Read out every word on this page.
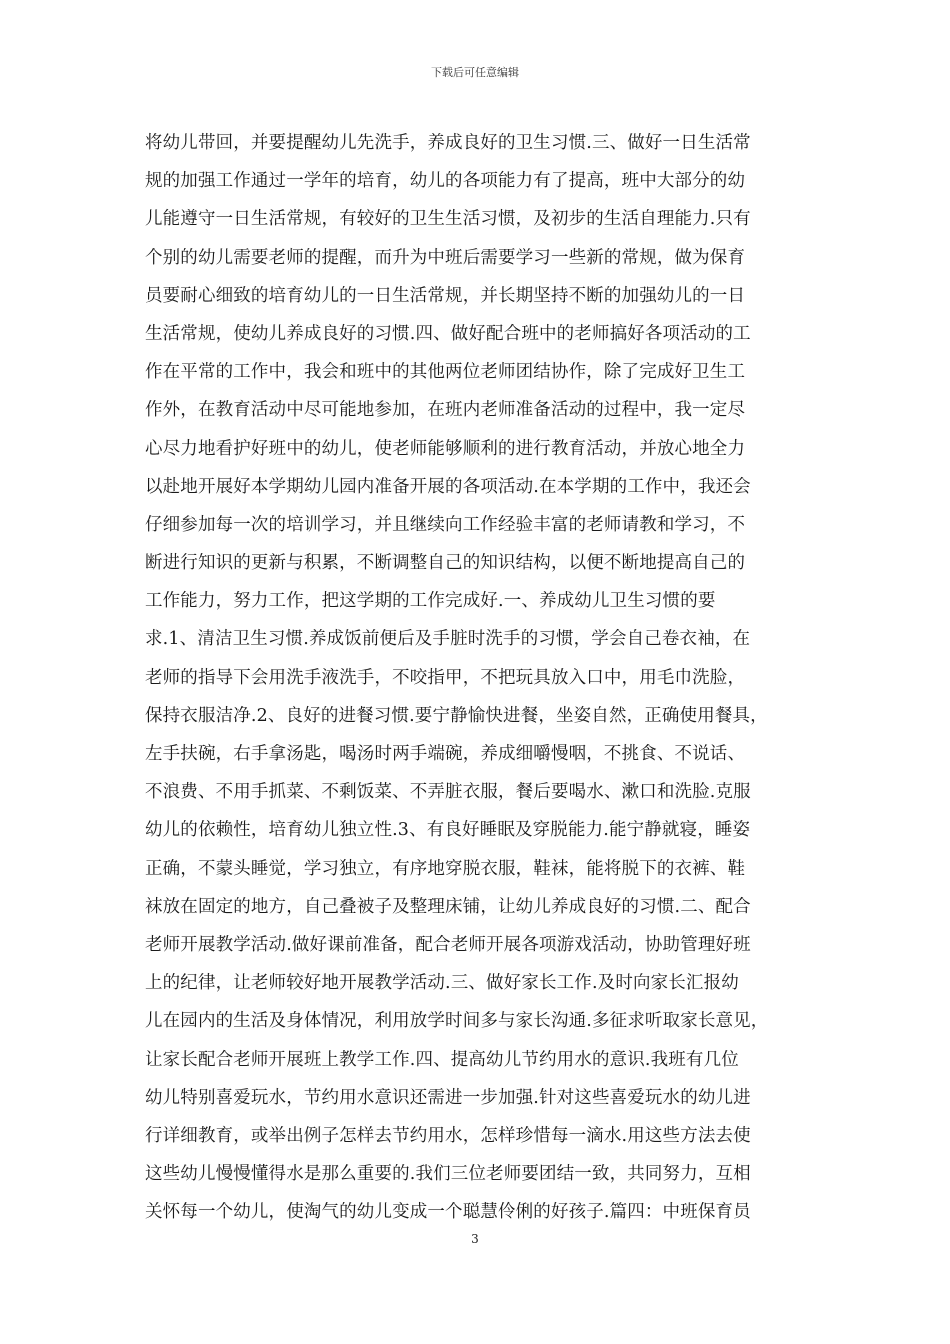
下载后可任意编辑
将幼儿带回，并要提醒幼儿先洗手，养成良好的卫生习惯.三、做好一日生活常
规的加强工作通过一学年的培育，幼儿的各项能力有了提高，班中大部分的幼
儿能遵守一日生活常规，有较好的卫生生活习惯，及初步的生活自理能力.只有
个别的幼儿需要老师的提醒，而升为中班后需要学习一些新的常规，做为保育
员要耐心细致的培育幼儿的一日生活常规，并长期坚持不断的加强幼儿的一日
生活常规，使幼儿养成良好的习惯.四、做好配合班中的老师搞好各项活动的工
作在平常的工作中，我会和班中的其他两位老师团结协作，除了完成好卫生工
作外，在教育活动中尽可能地参加，在班内老师准备活动的过程中，我一定尽
心尽力地看护好班中的幼儿，使老师能够顺利的进行教育活动，并放心地全力
以赴地开展好本学期幼儿园内准备开展的各项活动.在本学期的工作中，我还会
仔细参加每一次的培训学习，并且继续向工作经验丰富的老师请教和学习，不
断进行知识的更新与积累，不断调整自己的知识结构，以便不断地提高自己的
工作能力，努力工作，把这学期的工作完成好.一、养成幼儿卫生习惯的要
求.1、清洁卫生习惯.养成饭前便后及手脏时洗手的习惯，学会自己卷衣袖，在
老师的指导下会用洗手液洗手，不咬指甲，不把玩具放入口中，用毛巾洗脸，
保持衣服洁净.2、良好的进餐习惯.要宁静愉快进餐，坐姿自然，正确使用餐具，
左手扶碗，右手拿汤匙，喝汤时两手端碗，养成细嚼慢咽，不挑食、不说话、
不浪费、不用手抓菜、不剩饭菜、不弄脏衣服，餐后要喝水、漱口和洗脸.克服
幼儿的依赖性，培育幼儿独立性.3、有良好睡眠及穿脱能力.能宁静就寝，睡姿
正确，不蒙头睡觉，学习独立，有序地穿脱衣服，鞋袜，能将脱下的衣裤、鞋
袜放在固定的地方，自己叠被子及整理床铺，让幼儿养成良好的习惯.二、配合
老师开展教学活动.做好课前准备，配合老师开展各项游戏活动，协助管理好班
上的纪律，让老师较好地开展教学活动.三、做好家长工作.及时向家长汇报幼
儿在园内的生活及身体情况，利用放学时间多与家长沟通.多征求听取家长意见，
让家长配合老师开展班上教学工作.四、提高幼儿节约用水的意识.我班有几位
幼儿特别喜爱玩水，节约用水意识还需进一步加强.针对这些喜爱玩水的幼儿进
行详细教育，或举出例子怎样去节约用水，怎样珍惜每一滴水.用这些方法去使
这些幼儿慢慢懂得水是那么重要的.我们三位老师要团结一致，共同努力，互相
关怀每一个幼儿，使淘气的幼儿变成一个聪慧伶俐的好孩子.篇四：中班保育员
3
